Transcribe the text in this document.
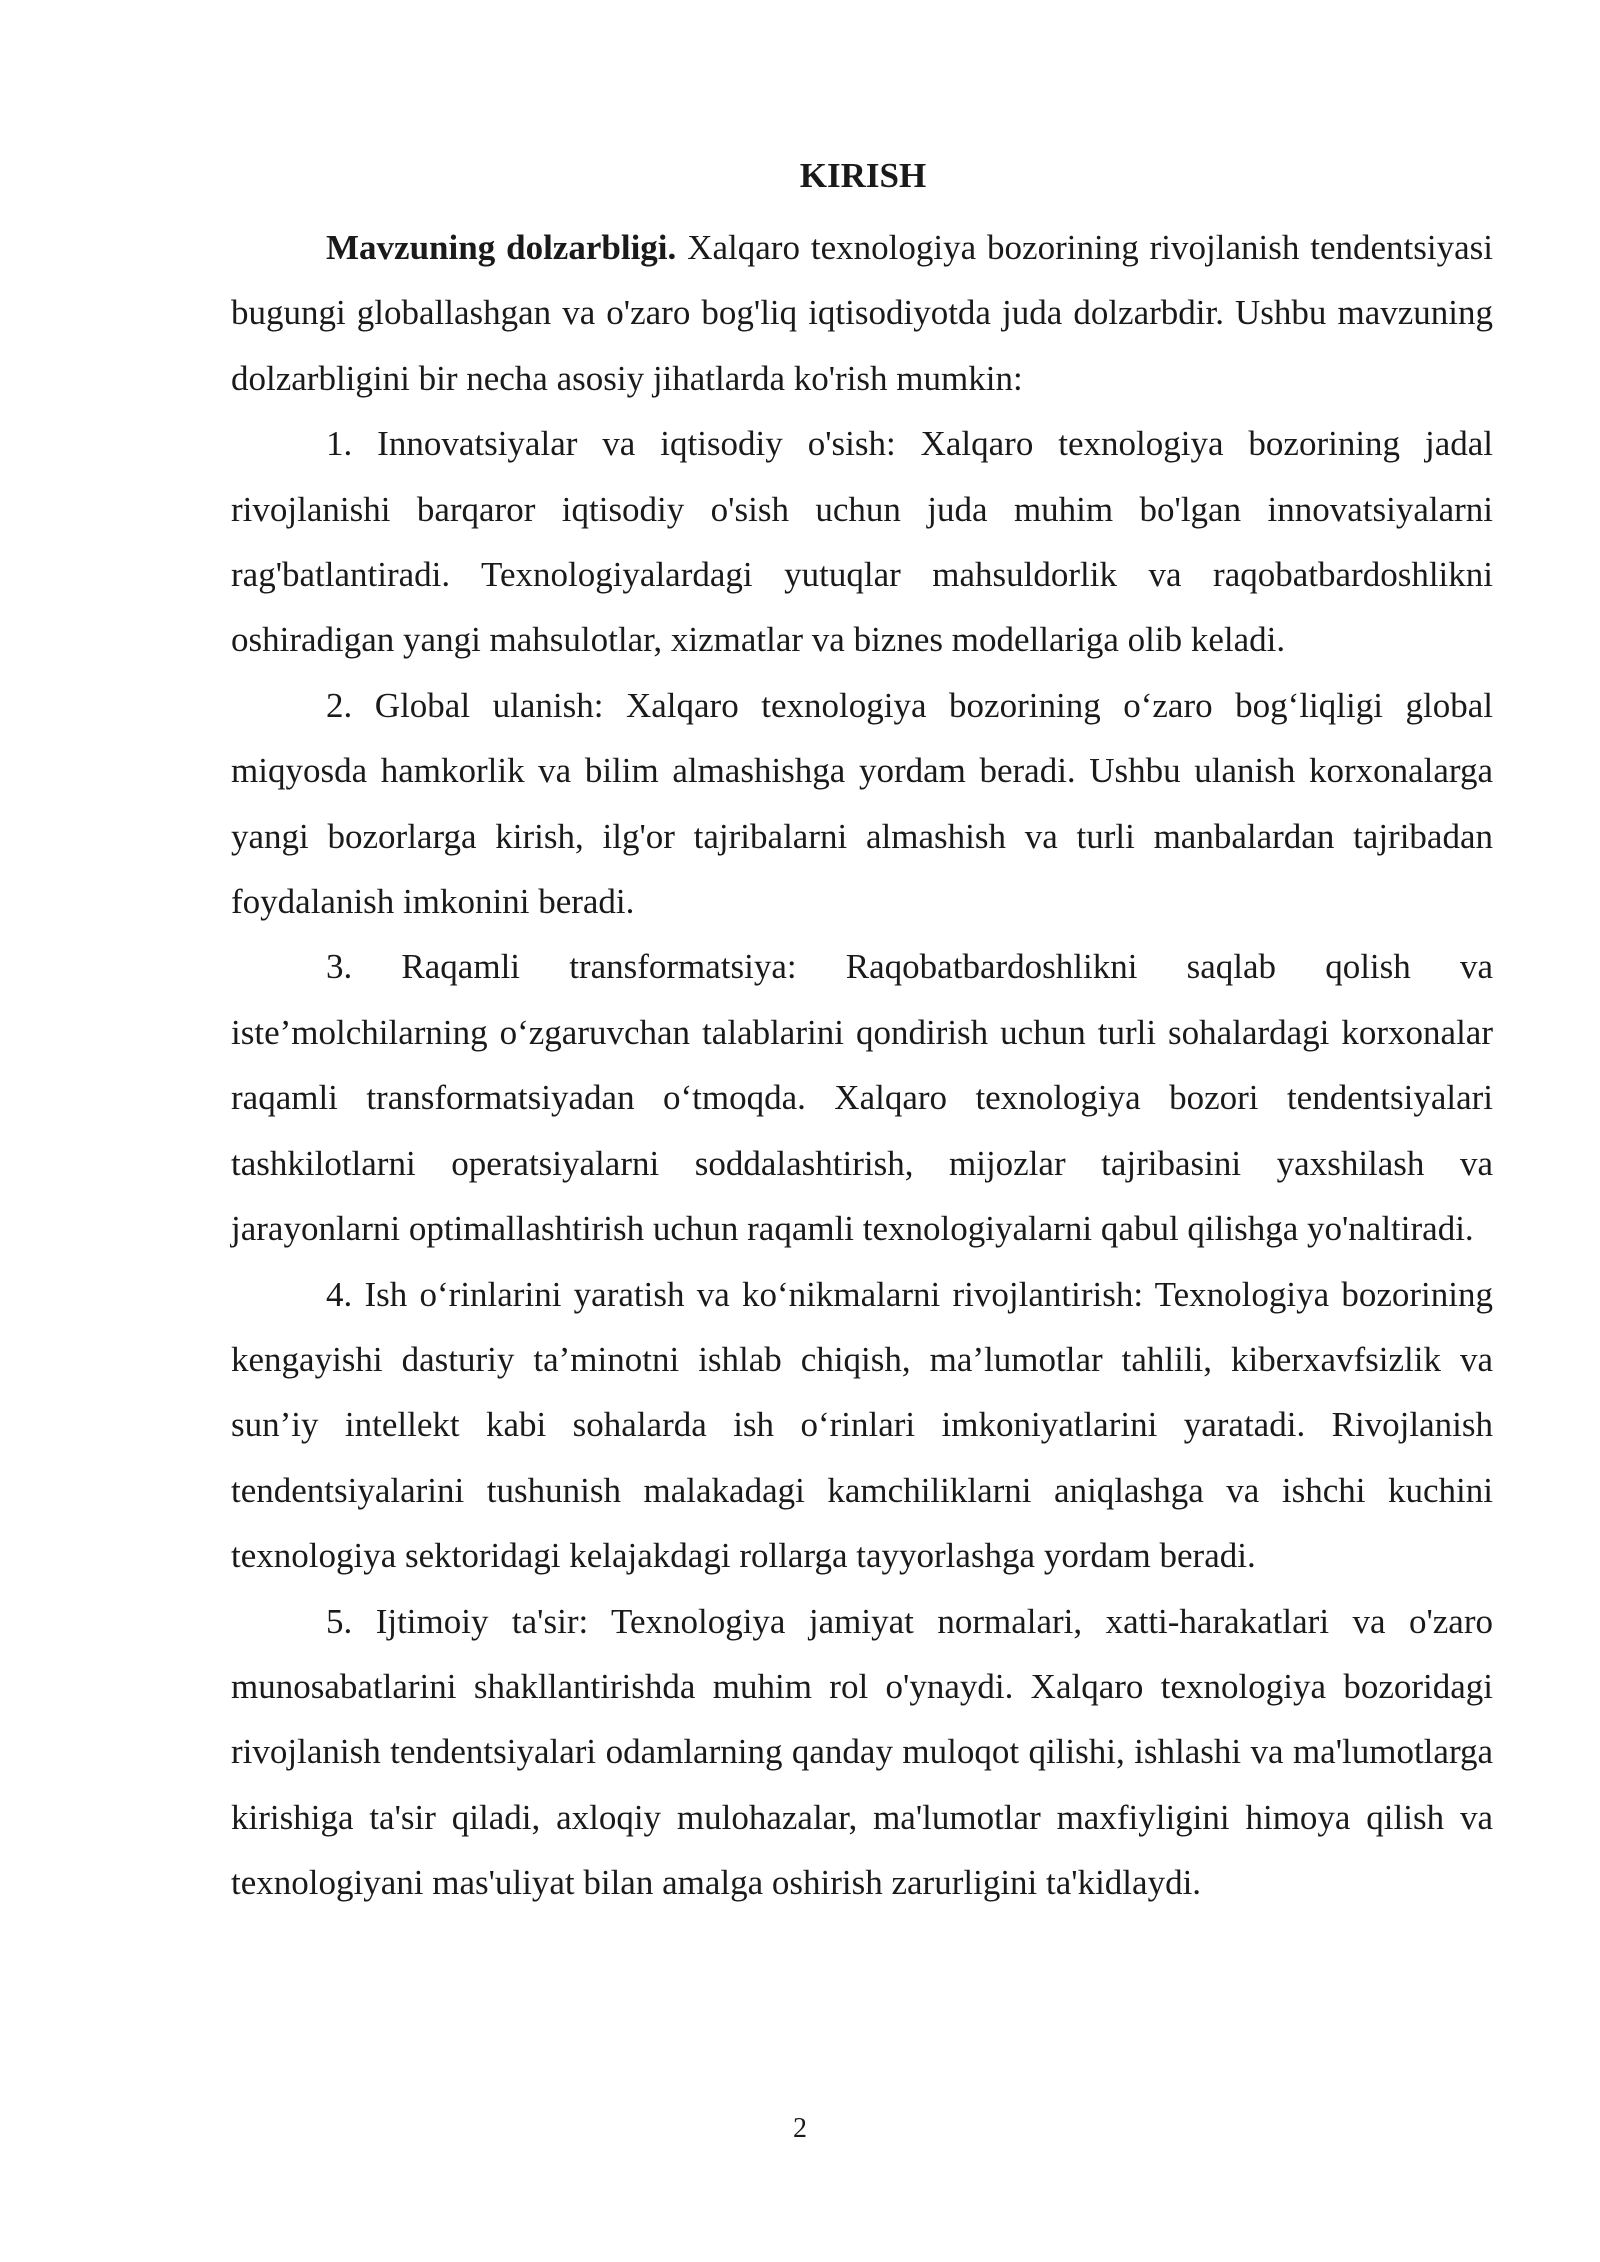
KIRISH

Mavzuning dolzarbligi. Xalqaro texnologiya bozorining rivojlanish tendentsiyasi bugungi globallashgan va o'zaro bog'liq iqtisodiyotda juda dolzarbdir. Ushbu mavzuning dolzarbligini bir necha asosiy jihatlarda ko'rish mumkin:

1. Innovatsiyalar va iqtisodiy o'sish: Xalqaro texnologiya bozorining jadal rivojlanishi barqaror iqtisodiy o'sish uchun juda muhim bo'lgan innovatsiyalarni rag'batlantiradi. Texnologiyalardagi yutuqlar mahsuldorlik va raqobatbardoshlikni oshiradigan yangi mahsulotlar, xizmatlar va biznes modellariga olib keladi.

2. Global ulanish: Xalqaro texnologiya bozorining o‘zaro bog‘liqligi global miqyosda hamkorlik va bilim almashishga yordam beradi. Ushbu ulanish korxonalarga yangi bozorlarga kirish, ilg'or tajribalarni almashish va turli manbalardan tajribadan foydalanish imkonini beradi.

3. Raqamli transformatsiya: Raqobatbardoshlikni saqlab qolish va iste’molchilarning o‘zgaruvchan talablarini qondirish uchun turli sohalardagi korxonalar raqamli transformatsiyadan o‘tmoqda. Xalqaro texnologiya bozori tendentsiyalari tashkilotlarni operatsiyalarni soddalashtirish, mijozlar tajribasini yaxshilash va jarayonlarni optimallashtirish uchun raqamli texnologiyalarni qabul qilishga yo'naltiradi.

4. Ish o‘rinlarini yaratish va ko‘nikmalarni rivojlantirish: Texnologiya bozorining kengayishi dasturiy ta’minotni ishlab chiqish, ma’lumotlar tahlili, kiberxavfsizlik va sun’iy intellekt kabi sohalarda ish o‘rinlari imkoniyatlarini yaratadi. Rivojlanish tendentsiyalarini tushunish malakadagi kamchiliklarni aniqlashga va ishchi kuchini texnologiya sektoridagi kelajakdagi rollarga tayyorlashga yordam beradi.

5. Ijtimoiy ta'sir: Texnologiya jamiyat normalari, xatti-harakatlari va o'zaro munosabatlarini shakllantirishda muhim rol o'ynaydi. Xalqaro texnologiya bozoridagi rivojlanish tendentsiyalari odamlarning qanday muloqot qilishi, ishlashi va ma'lumotlarga kirishiga ta'sir qiladi, axloqiy mulohazalar, ma'lumotlar maxfiyligini himoya qilish va texnologiyani mas'uliyat bilan amalga oshirish zarurligini ta'kidlaydi.

2
